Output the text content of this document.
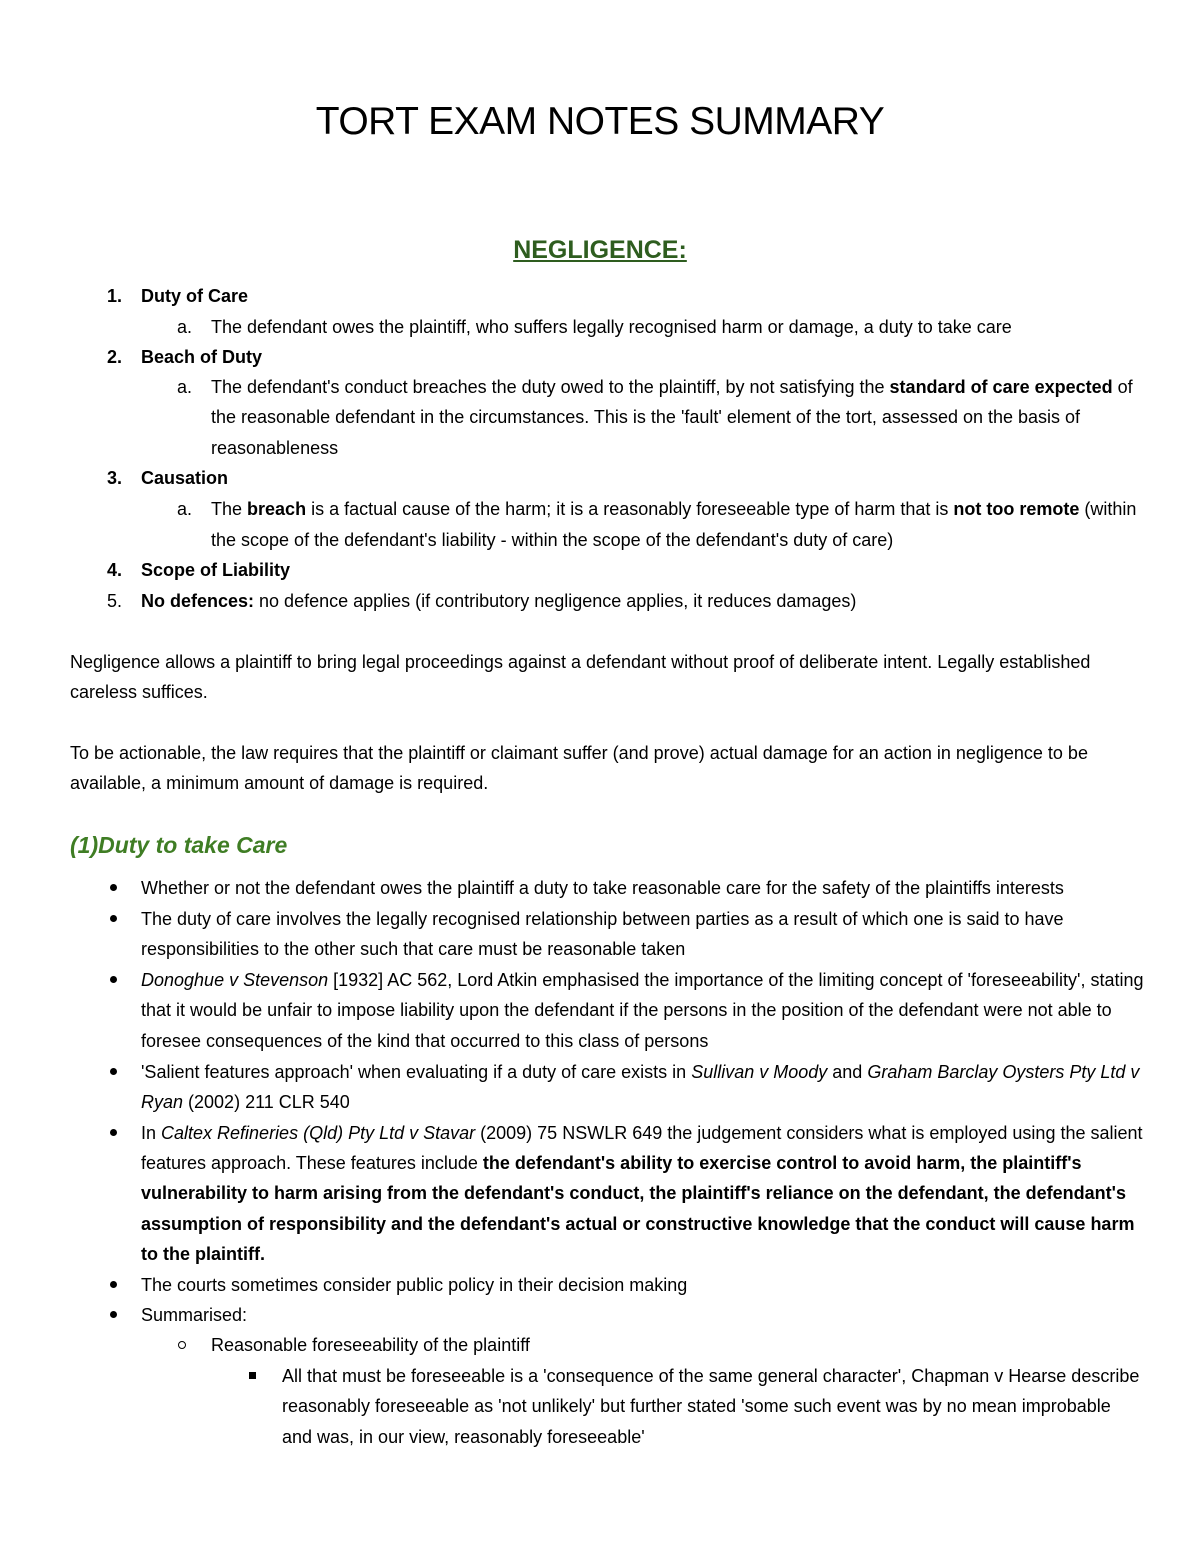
TORT EXAM NOTES SUMMARY
NEGLIGENCE:
1. Duty of Care
a. The defendant owes the plaintiff, who suffers legally recognised harm or damage, a duty to take care
2. Beach of Duty
a. The defendant's conduct breaches the duty owed to the plaintiff, by not satisfying the standard of care expected of
the reasonable defendant in the circumstances. This is the 'fault' element of the tort, assessed on the basis of
reasonableness
3. Causation
a. The breach is a factual cause of the harm; it is a reasonably foreseeable type of harm that is not too remote (within
the scope of the defendant's liability - within the scope of the defendant's duty of care)
4. Scope of Liability
5. No defences: no defence applies (if contributory negligence applies, it reduces damages)
Negligence allows a plaintiff to bring legal proceedings against a defendant without proof of deliberate intent. Legally established
careless suffices.
To be actionable, the law requires that the plaintiff or claimant suffer (and prove) actual damage for an action in negligence to be
available, a minimum amount of damage is required.
(1)Duty to take Care
Whether or not the defendant owes the plaintiff a duty to take reasonable care for the safety of the plaintiffs interests
The duty of care involves the legally recognised relationship between parties as a result of which one is said to have
responsibilities to the other such that care must be reasonable taken
Donoghue v Stevenson [1932] AC 562, Lord Atkin emphasised the importance of the limiting concept of 'foreseeability', stating
that it would be unfair to impose liability upon the defendant if the persons in the position of the defendant were not able to
foresee consequences of the kind that occurred to this class of persons
'Salient features approach' when evaluating if a duty of care exists in Sullivan v Moody and Graham Barclay Oysters Pty Ltd v
Ryan (2002) 211 CLR 540
In Caltex Refineries (Qld) Pty Ltd v Stavar (2009) 75 NSWLR 649 the judgement considers what is employed using the salient
features approach. These features include the defendant's ability to exercise control to avoid harm, the plaintiff's
vulnerability to harm arising from the defendant's conduct, the plaintiff's reliance on the defendant, the defendant's
assumption of responsibility and the defendant's actual or constructive knowledge that the conduct will cause harm
to the plaintiff.
The courts sometimes consider public policy in their decision making
Summarised:
Reasonable foreseeability of the plaintiff
All that must be foreseeable is a 'consequence of the same general character', Chapman v Hearse describe
reasonably foreseeable as 'not unlikely' but further stated 'some such event was by no mean improbable
and was, in our view, reasonably foreseeable'
